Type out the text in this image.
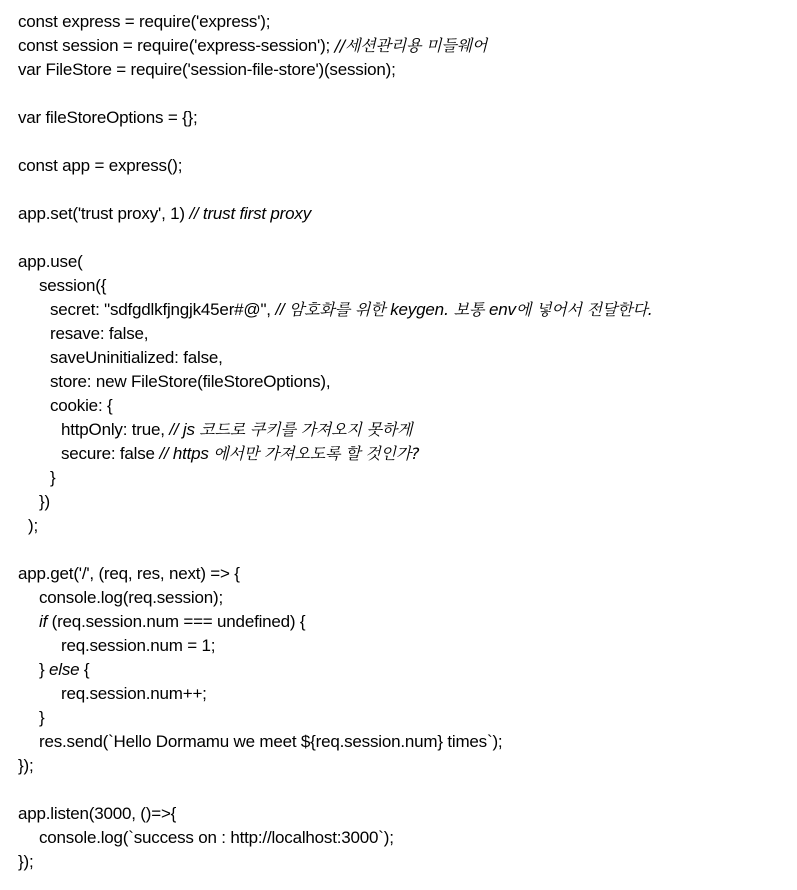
const express = require('express');
const session = require('express-session'); //세션관리용 미들웨어
var FileStore = require('session-file-store')(session);
var fileStoreOptions = {};
const app = express();
app.set('trust proxy', 1) // trust first proxy
app.use(
session({
secret: "sdfgdlkfjngjk45er#@", // 암호화를 위한 keygen. 보통 env에 넣어서 전달한다.
resave: false,
saveUninitialized: false,
store: new FileStore(fileStoreOptions),
cookie: {
httpOnly: true, // js 코드로 쿠키를 가져오지 못하게
secure: false // https 에서만 가져오도록 할 것인가?
}
})
);
app.get('/', (req, res, next) => {
console.log(req.session);
if (req.session.num === undefined) {
req.session.num = 1;
} else {
req.session.num++;
}
res.send(`Hello Dormamu we meet ${req.session.num} times`);
});
app.listen(3000, ()=>{
console.log(`success on : http://localhost:3000`);
});
